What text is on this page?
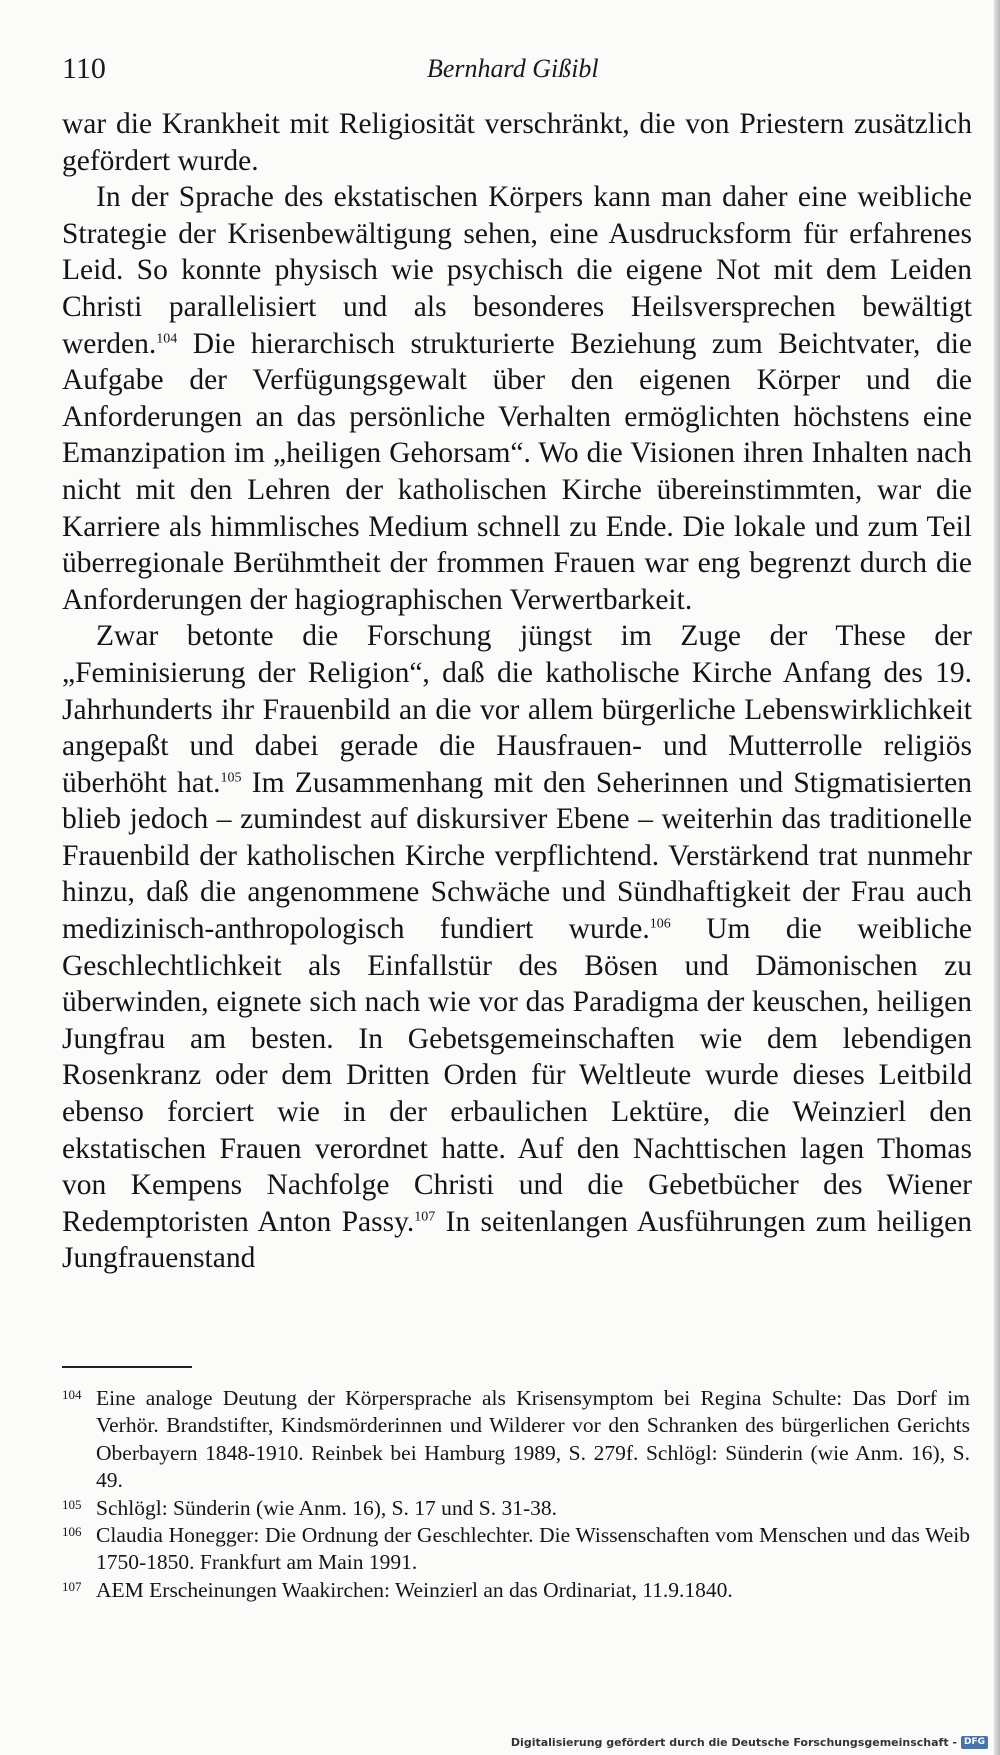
110	Bernhard Gißibl

war die Krankheit mit Religiosität verschränkt, die von Priestern zusätzlich gefördert wurde.

In der Sprache des ekstatischen Körpers kann man daher eine weibliche Strategie der Krisenbewältigung sehen, eine Ausdrucksform für erfahrenes Leid. So konnte physisch wie psychisch die eigene Not mit dem Leiden Christi parallelisiert und als besonderes Heilsversprechen bewältigt werden.$^{104}$ Die hierarchisch strukturierte Beziehung zum Beichtvater, die Aufgabe der Verfügungsgewalt über den eigenen Körper und die Anforderungen an das persönliche Verhalten ermöglichten höchstens eine Emanzipation im „heiligen Gehorsam“. Wo die Visionen ihren Inhalten nach nicht mit den Lehren der katholischen Kirche übereinstimmten, war die Karriere als himmlisches Medium schnell zu Ende. Die lokale und zum Teil überregionale Berühmtheit der frommen Frauen war eng begrenzt durch die Anforderungen der hagiographischen Verwertbarkeit.

Zwar betonte die Forschung jüngst im Zuge der These der „Feminisierung der Religion“, daß die katholische Kirche Anfang des 19. Jahrhunderts ihr Frauenbild an die vor allem bürgerliche Lebenswirklichkeit angepaßt und dabei gerade die Hausfrauen- und Mutterrolle religiös überhöht hat.$^{105}$ Im Zusammenhang mit den Seherinnen und Stigmatisierten blieb jedoch – zumindest auf diskursiver Ebene – weiterhin das traditionelle Frauenbild der katholischen Kirche verpflichtend. Verstärkend trat nunmehr hinzu, daß die angenommene Schwäche und Sündhaftigkeit der Frau auch medizinisch-anthropologisch fundiert wurde.$^{106}$ Um die weibliche Geschlechtlichkeit als Einfallstür des Bösen und Dämonischen zu überwinden, eignete sich nach wie vor das Paradigma der keuschen, heiligen Jungfrau am besten. In Gebetsgemeinschaften wie dem lebendigen Rosenkranz oder dem Dritten Orden für Weltleute wurde dieses Leitbild ebenso forciert wie in der erbaulichen Lektüre, die Weinzierl den ekstatischen Frauen verordnet hatte. Auf den Nachttischen lagen Thomas von Kempens Nachfolge Christi und die Gebetbücher des Wiener Redemptoristen Anton Passy.$^{107}$ In seitenlangen Ausführungen zum heiligen Jungfrauenstand

104 Eine analoge Deutung der Körpersprache als Krisensymptom bei Regina Schulte: Das Dorf im Verhör. Brandstifter, Kindsmörderinnen und Wilderer vor den Schranken des bürgerlichen Gerichts Oberbayern 1848-1910. Reinbek bei Hamburg 1989, S. 279f. Schlögl: Sünderin (wie Anm. 16), S. 49.
105 Schlögl: Sünderin (wie Anm. 16), S. 17 und S. 31-38.
106 Claudia Honegger: Die Ordnung der Geschlechter. Die Wissenschaften vom Menschen und das Weib 1750-1850. Frankfurt am Main 1991.
107 AEM Erscheinungen Waakirchen: Weinzierl an das Ordinariat, 11.9.1840.
Digitalisierung gefördert durch die Deutsche Forschungsgemeinschaft - DFG
